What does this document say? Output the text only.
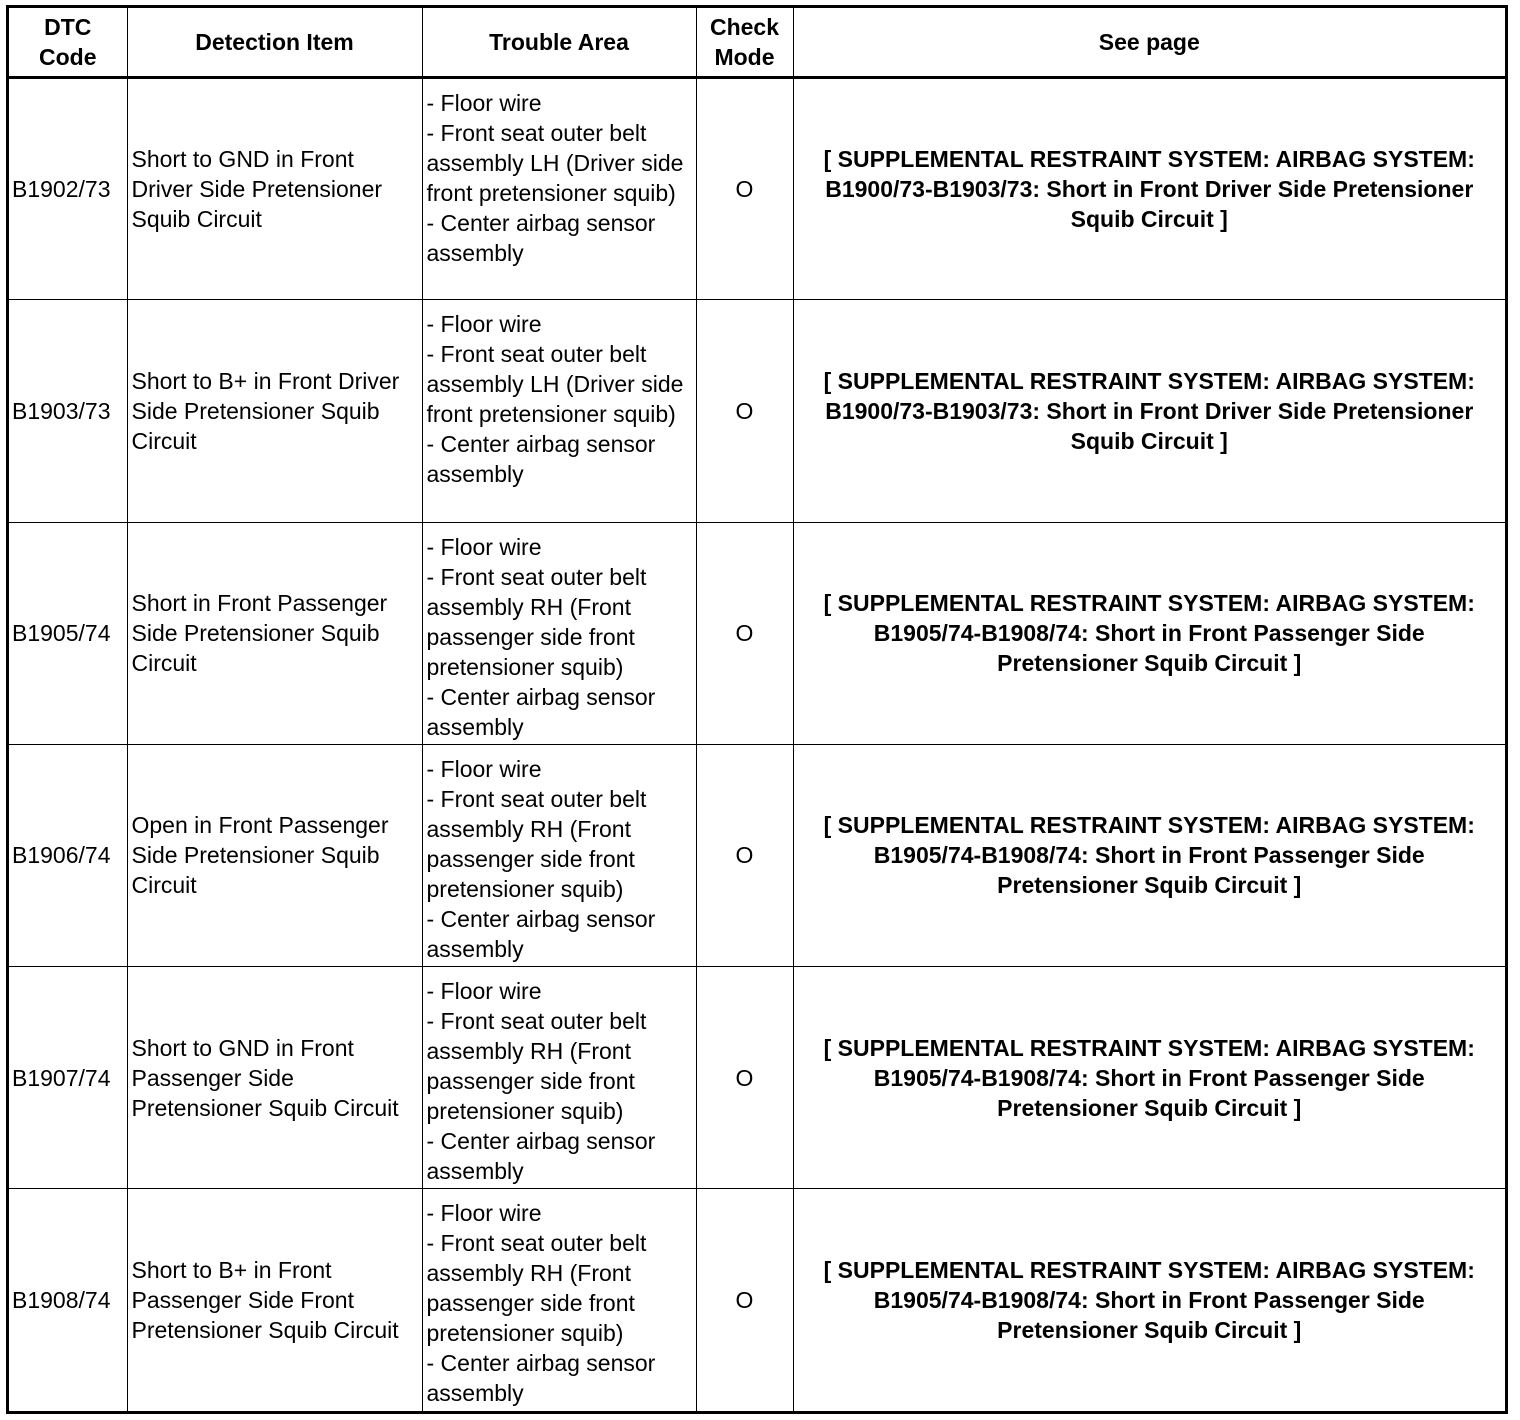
DTC Code	Detection Item	Trouble Area	Check Mode	See page
B1902/73	Short to GND in Front Driver Side Pretensioner Squib Circuit	- Floor wire
- Front seat outer belt assembly LH (Driver side front pretensioner squib)
- Center airbag sensor assembly	O	[ SUPPLEMENTAL RESTRAINT SYSTEM: AIRBAG SYSTEM: B1900/73-B1903/73: Short in Front Driver Side Pretensioner Squib Circuit ]
B1903/73	Short to B+ in Front Driver Side Pretensioner Squib Circuit	- Floor wire
- Front seat outer belt assembly LH (Driver side front pretensioner squib)
- Center airbag sensor assembly	O	[ SUPPLEMENTAL RESTRAINT SYSTEM: AIRBAG SYSTEM: B1900/73-B1903/73: Short in Front Driver Side Pretensioner Squib Circuit ]
B1905/74	Short in Front Passenger Side Pretensioner Squib Circuit	- Floor wire
- Front seat outer belt assembly RH (Front passenger side front pretensioner squib)
- Center airbag sensor assembly	O	[ SUPPLEMENTAL RESTRAINT SYSTEM: AIRBAG SYSTEM: B1905/74-B1908/74: Short in Front Passenger Side Pretensioner Squib Circuit ]
B1906/74	Open in Front Passenger Side Pretensioner Squib Circuit	- Floor wire
- Front seat outer belt assembly RH (Front passenger side front pretensioner squib)
- Center airbag sensor assembly	O	[ SUPPLEMENTAL RESTRAINT SYSTEM: AIRBAG SYSTEM: B1905/74-B1908/74: Short in Front Passenger Side Pretensioner Squib Circuit ]
B1907/74	Short to GND in Front Passenger Side Pretensioner Squib Circuit	- Floor wire
- Front seat outer belt assembly RH (Front passenger side front pretensioner squib)
- Center airbag sensor assembly	O	[ SUPPLEMENTAL RESTRAINT SYSTEM: AIRBAG SYSTEM: B1905/74-B1908/74: Short in Front Passenger Side Pretensioner Squib Circuit ]
B1908/74	Short to B+ in Front Passenger Side Front Pretensioner Squib Circuit	- Floor wire
- Front seat outer belt assembly RH (Front passenger side front pretensioner squib)
- Center airbag sensor assembly	O	[ SUPPLEMENTAL RESTRAINT SYSTEM: AIRBAG SYSTEM: B1905/74-B1908/74: Short in Front Passenger Side Pretensioner Squib Circuit ]
